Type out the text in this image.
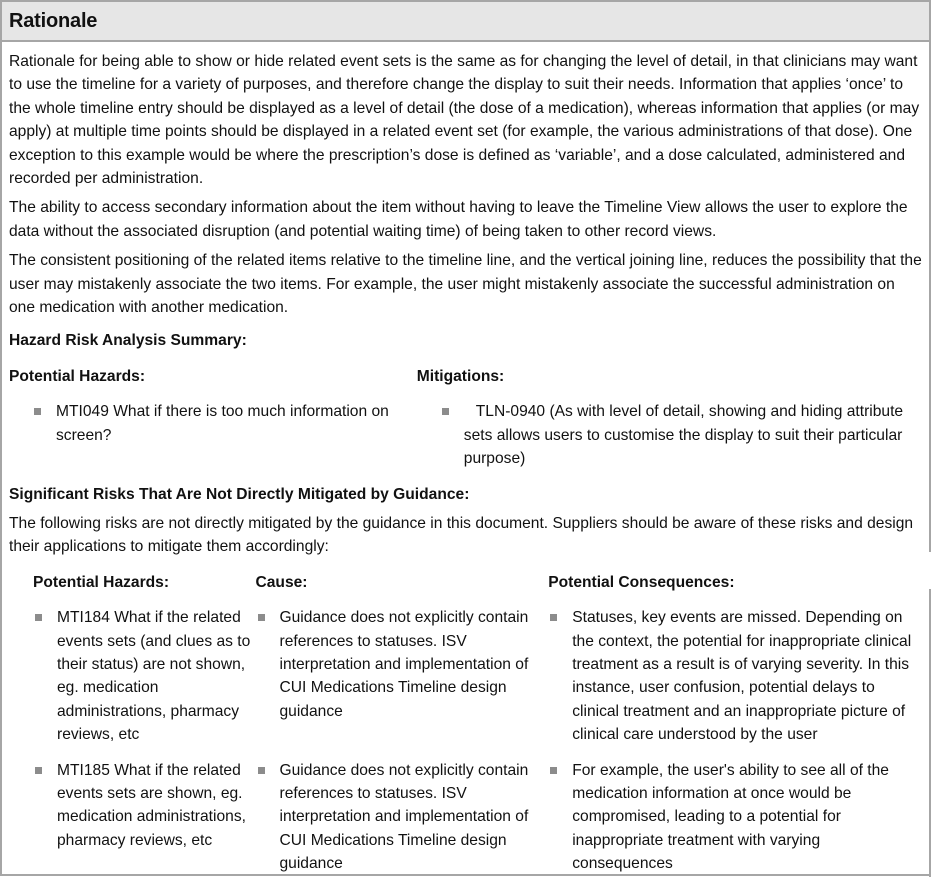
Rationale

Rationale for being able to show or hide related event sets is the same as for changing the level of detail, in that clinicians may want to use the timeline for a variety of purposes, and therefore change the display to suit their needs. Information that applies ‘once’ to the whole timeline entry should be displayed as a level of detail (the dose of a medication), whereas information that applies (or may apply) at multiple time points should be displayed in a related event set (for example, the various administrations of that dose). One exception to this example would be where the prescription’s dose is defined as ‘variable’, and a dose calculated, administered and recorded per administration.

The ability to access secondary information about the item without having to leave the Timeline View allows the user to explore the data without the associated disruption (and potential waiting time) of being taken to other record views.

The consistent positioning of the related items relative to the timeline line, and the vertical joining line, reduces the possibility that the user may mistakenly associate the two items. For example, the user might mistakenly associate the successful administration on one medication with another medication.

Hazard Risk Analysis Summary:
Potential Hazards:
MTI049 What if there is too much information on screen?
Mitigations:
TLN-0940 (As with level of detail, showing and hiding attribute sets allows users to customise the display to suit their particular purpose)
Significant Risks That Are Not Directly Mitigated by Guidance:

The following risks are not directly mitigated by the guidance in this document. Suppliers should be aware of these risks and design their applications to mitigate them accordingly:

Potential Hazards:	Cause:	Potential Consequences:
MTI184 What if the related events sets (and clues as to their status) are not shown, eg. medication administrations, pharmacy reviews, etc
Guidance does not explicitly contain references to statuses. ISV interpretation and implementation of CUI Medications Timeline design guidance
Statuses, key events are missed. Depending on the context, the potential for inappropriate clinical treatment as a result is of varying severity. In this instance, user confusion, potential delays to clinical treatment and an inappropriate picture of clinical care understood by the user
MTI185 What if the related events sets are shown, eg. medication administrations, pharmacy reviews, etc
Guidance does not explicitly contain references to statuses. ISV interpretation and implementation of CUI Medications Timeline design guidance
For example, the user's ability to see all of the medication information at once would be compromised, leading to a potential for inappropriate treatment with varying consequences
